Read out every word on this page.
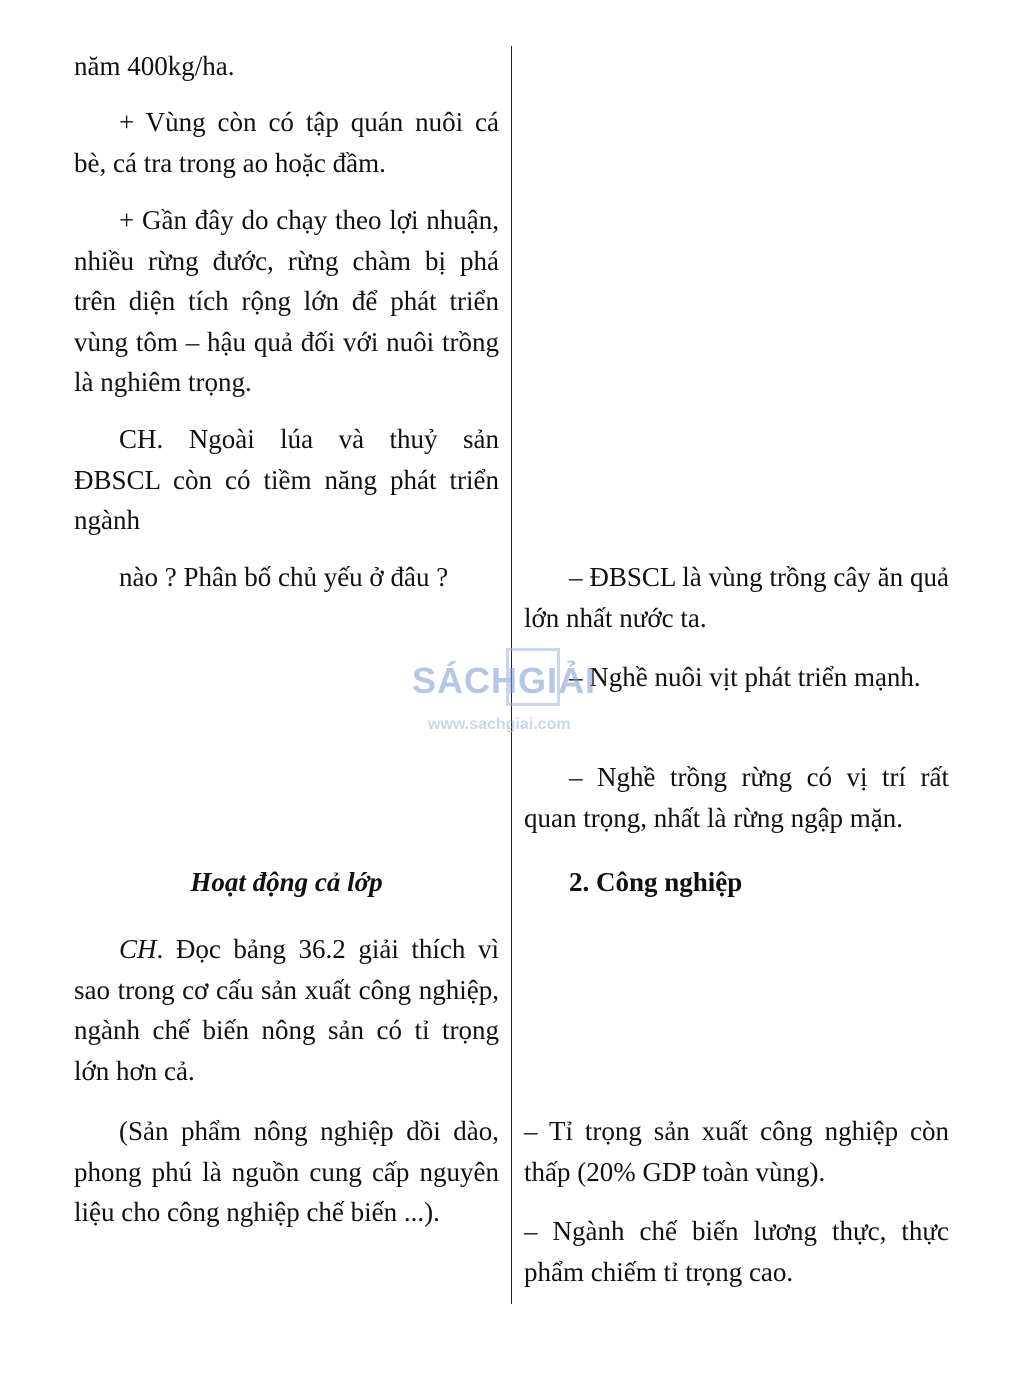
năm 400kg/ha.

+ Vùng còn có tập quán nuôi cá bè, cá tra trong ao hoặc đầm.

+ Gần đây do chạy theo lợi nhuận, nhiều rừng đước, rừng chàm bị phá trên diện tích rộng lớn để phát triển vùng tôm – hậu quả đối với nuôi trồng là nghiêm trọng.

CH. Ngoài lúa và thuỷ sản ĐBSCL còn có tiềm năng phát triển ngành

nào ? Phân bố chủ yếu ở đâu ?

Hoạt động cả lớp

CH. Đọc bảng 36.2 giải thích vì sao trong cơ cấu sản xuất công nghiệp, ngành chế biến nông sản có tỉ trọng lớn hơn cả.

(Sản phẩm nông nghiệp dồi dào, phong phú là nguồn cung cấp nguyên liệu cho công nghiệp chế biến ...).

– ĐBSCL là vùng trồng cây ăn quả lớn nhất nước ta.

– Nghề nuôi vịt phát triển mạnh.

– Nghề trồng rừng có vị trí rất quan trọng, nhất là rừng ngập mặn.

2. Công nghiệp

– Tỉ trọng sản xuất công nghiệp còn thấp (20% GDP toàn vùng).

– Ngành chế biến lương thực, thực phẩm chiếm tỉ trọng cao.

SÁCHGIẢI
www.sachgiai.com
